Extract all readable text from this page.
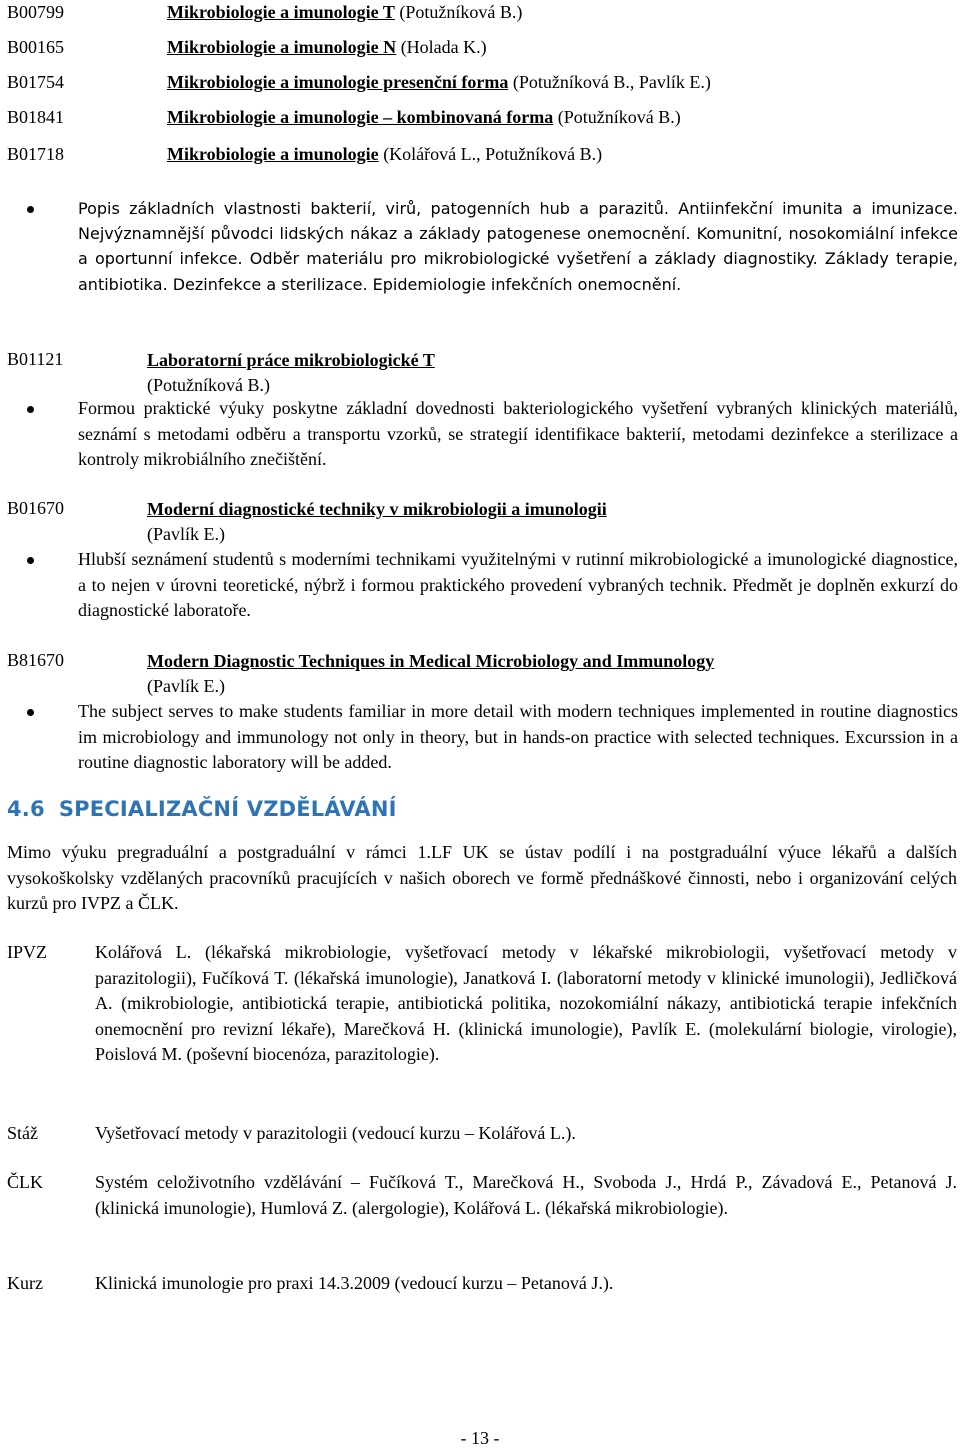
B00799	Mikrobiologie a imunologie T (Potužníková B.)
B00165	Mikrobiologie a imunologie N (Holada K.)
B01754	Mikrobiologie a imunologie presenční forma (Potužníková B., Pavlík E.)
B01841	Mikrobiologie a imunologie – kombinovaná forma (Potužníková B.)
B01718	Mikrobiologie a imunologie (Kolářová L., Potužníková B.)
Popis základních vlastnosti bakterií, virů, patogenních hub a parazitů. Antiinfekční imunita a imunizace. Nejvýznamnější původci lidských nákaz a základy patogenese onemocnění. Komunitní, nosokomiální infekce a oportunní infekce. Odběr materiálu pro mikrobiologické vyšetření a základy diagnostiky. Základy terapie, antibiotika. Dezinfekce a sterilizace. Epidemiologie infekčních onemocnění.
B01121	Laboratorní práce mikrobiologické T
(Potužníková B.)
Formou praktické výuky poskytne základní dovednosti bakteriologického vyšetření vybraných klinických materiálů, seznámí s metodami odběru a transportu vzorků, se strategií identifikace bakterií, metodami dezinfekce a sterilizace a kontroly mikrobiálního znečištění.
B01670	Moderní diagnostické techniky v mikrobiologii a imunologii
(Pavlík E.)
Hlubší seznámení studentů s moderními technikami využitelnými v rutinní mikrobiologické a imunologické diagnostice, a to nejen v úrovni teoretické, nýbrž i formou praktického provedení vybraných technik. Předmět je doplněn exkurzí do diagnostické laboratoře.
B81670	Modern Diagnostic Techniques in Medical Microbiology and Immunology
(Pavlík E.)
The subject serves to make students familiar in more detail with modern techniques implemented in routine diagnostics im microbiology and immunology not only in theory, but in hands-on practice with selected techniques. Excurssion in a routine diagnostic laboratory will be added.
4.6 SPECIALIZAČNÍ VZDĚLÁVÁNÍ
Mimo výuku pregraduální a postgraduální v rámci 1.LF UK se ústav podílí i na postgraduální výuce lékařů a dalších vysokoškolsky vzdělaných pracovníků pracujících v našich oborech ve formě přednáškové činnosti, nebo i organizování celých kurzů pro IVPZ a ČLK.
IPVZ	Kolářová L. (lékařská mikrobiologie, vyšetřovací metody v lékařské mikrobiologii, vyšetřovací metody v parazitologii), Fučíková T. (lékařská imunologie), Janatková I. (laboratorní metody v klinické imunologii), Jedličková A. (mikrobiologie, antibiotická terapie, antibiotická politika, nozokomiální nákazy, antibiotická terapie infekčních onemocnění pro revizní lékaře), Marečková H. (klinická imunologie), Pavlík E. (molekulární biologie, virologie), Poislová M. (poševní biocenóza, parazitologie).
Stáž	Vyšetřovací metody v parazitologii (vedoucí kurzu – Kolářová L.).
ČLK	Systém celoživotního vzdělávání – Fučíková T., Marečková H., Svoboda J., Hrdá P., Závadová E., Petanová J. (klinická imunologie), Humlová Z. (alergologie), Kolářová L. (lékařská mikrobiologie).
Kurz	Klinická imunologie pro praxi 14.3.2009 (vedoucí kurzu – Petanová J.).
- 13 -
